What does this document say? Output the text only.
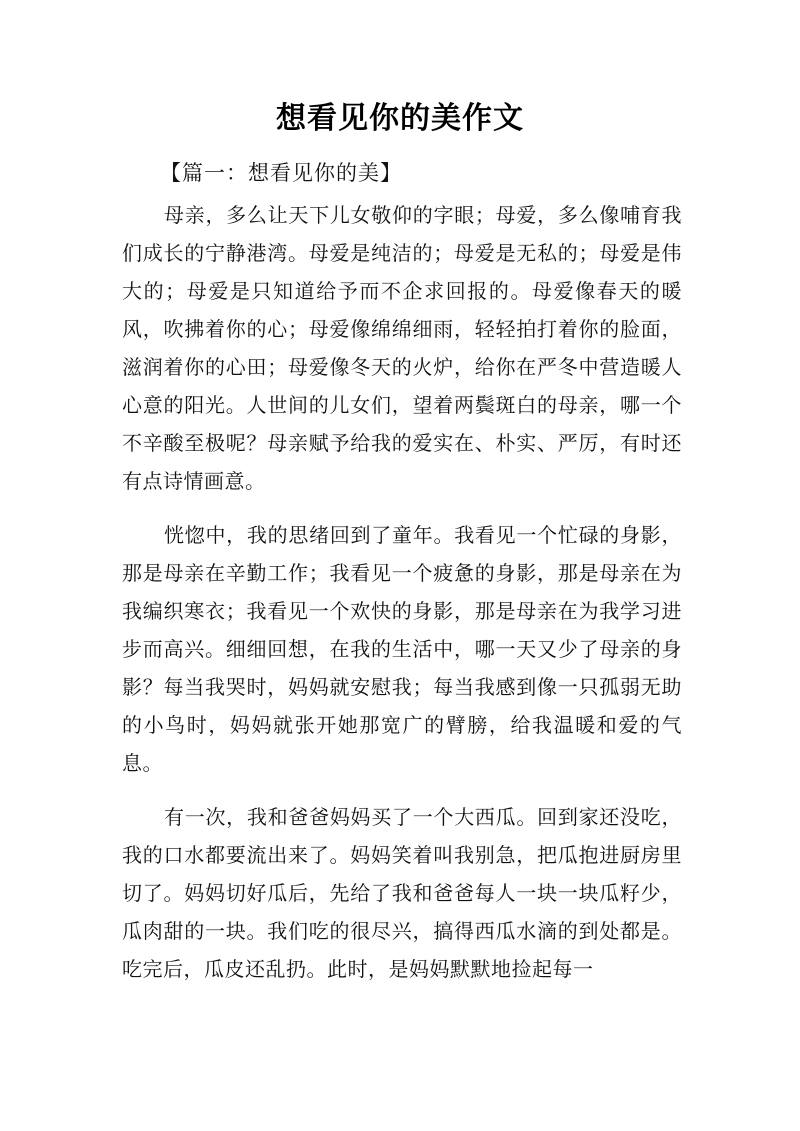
想看见你的美作文
【篇一：想看见你的美】

母亲，多么让天下儿女敬仰的字眼；母爱，多么像哺育我们成长的宁静港湾。母爱是纯洁的；母爱是无私的；母爱是伟大的；母爱是只知道给予而不企求回报的。母爱像春天的暖风，吹拂着你的心；母爱像绵绵细雨，轻轻拍打着你的脸面，滋润着你的心田；母爱像冬天的火炉，给你在严冬中营造暖人心意的阳光。人世间的儿女们，望着两鬓斑白的母亲，哪一个不辛酸至极呢？母亲赋予给我的爱实在、朴实、严厉，有时还有点诗情画意。

恍惚中，我的思绪回到了童年。我看见一个忙碌的身影，那是母亲在辛勤工作；我看见一个疲惫的身影，那是母亲在为我编织寒衣；我看见一个欢快的身影，那是母亲在为我学习进步而高兴。细细回想，在我的生活中，哪一天又少了母亲的身影？每当我哭时，妈妈就安慰我；每当我感到像一只孤弱无助的小鸟时，妈妈就张开她那宽广的臂膀，给我温暖和爱的气息。

有一次，我和爸爸妈妈买了一个大西瓜。回到家还没吃，我的口水都要流出来了。妈妈笑着叫我别急，把瓜抱进厨房里切了。妈妈切好瓜后，先给了我和爸爸每人一块一块瓜籽少，瓜肉甜的一块。我们吃的很尽兴，搞得西瓜水滴的到处都是。吃完后，瓜皮还乱扔。此时，是妈妈默默地捡起每一
